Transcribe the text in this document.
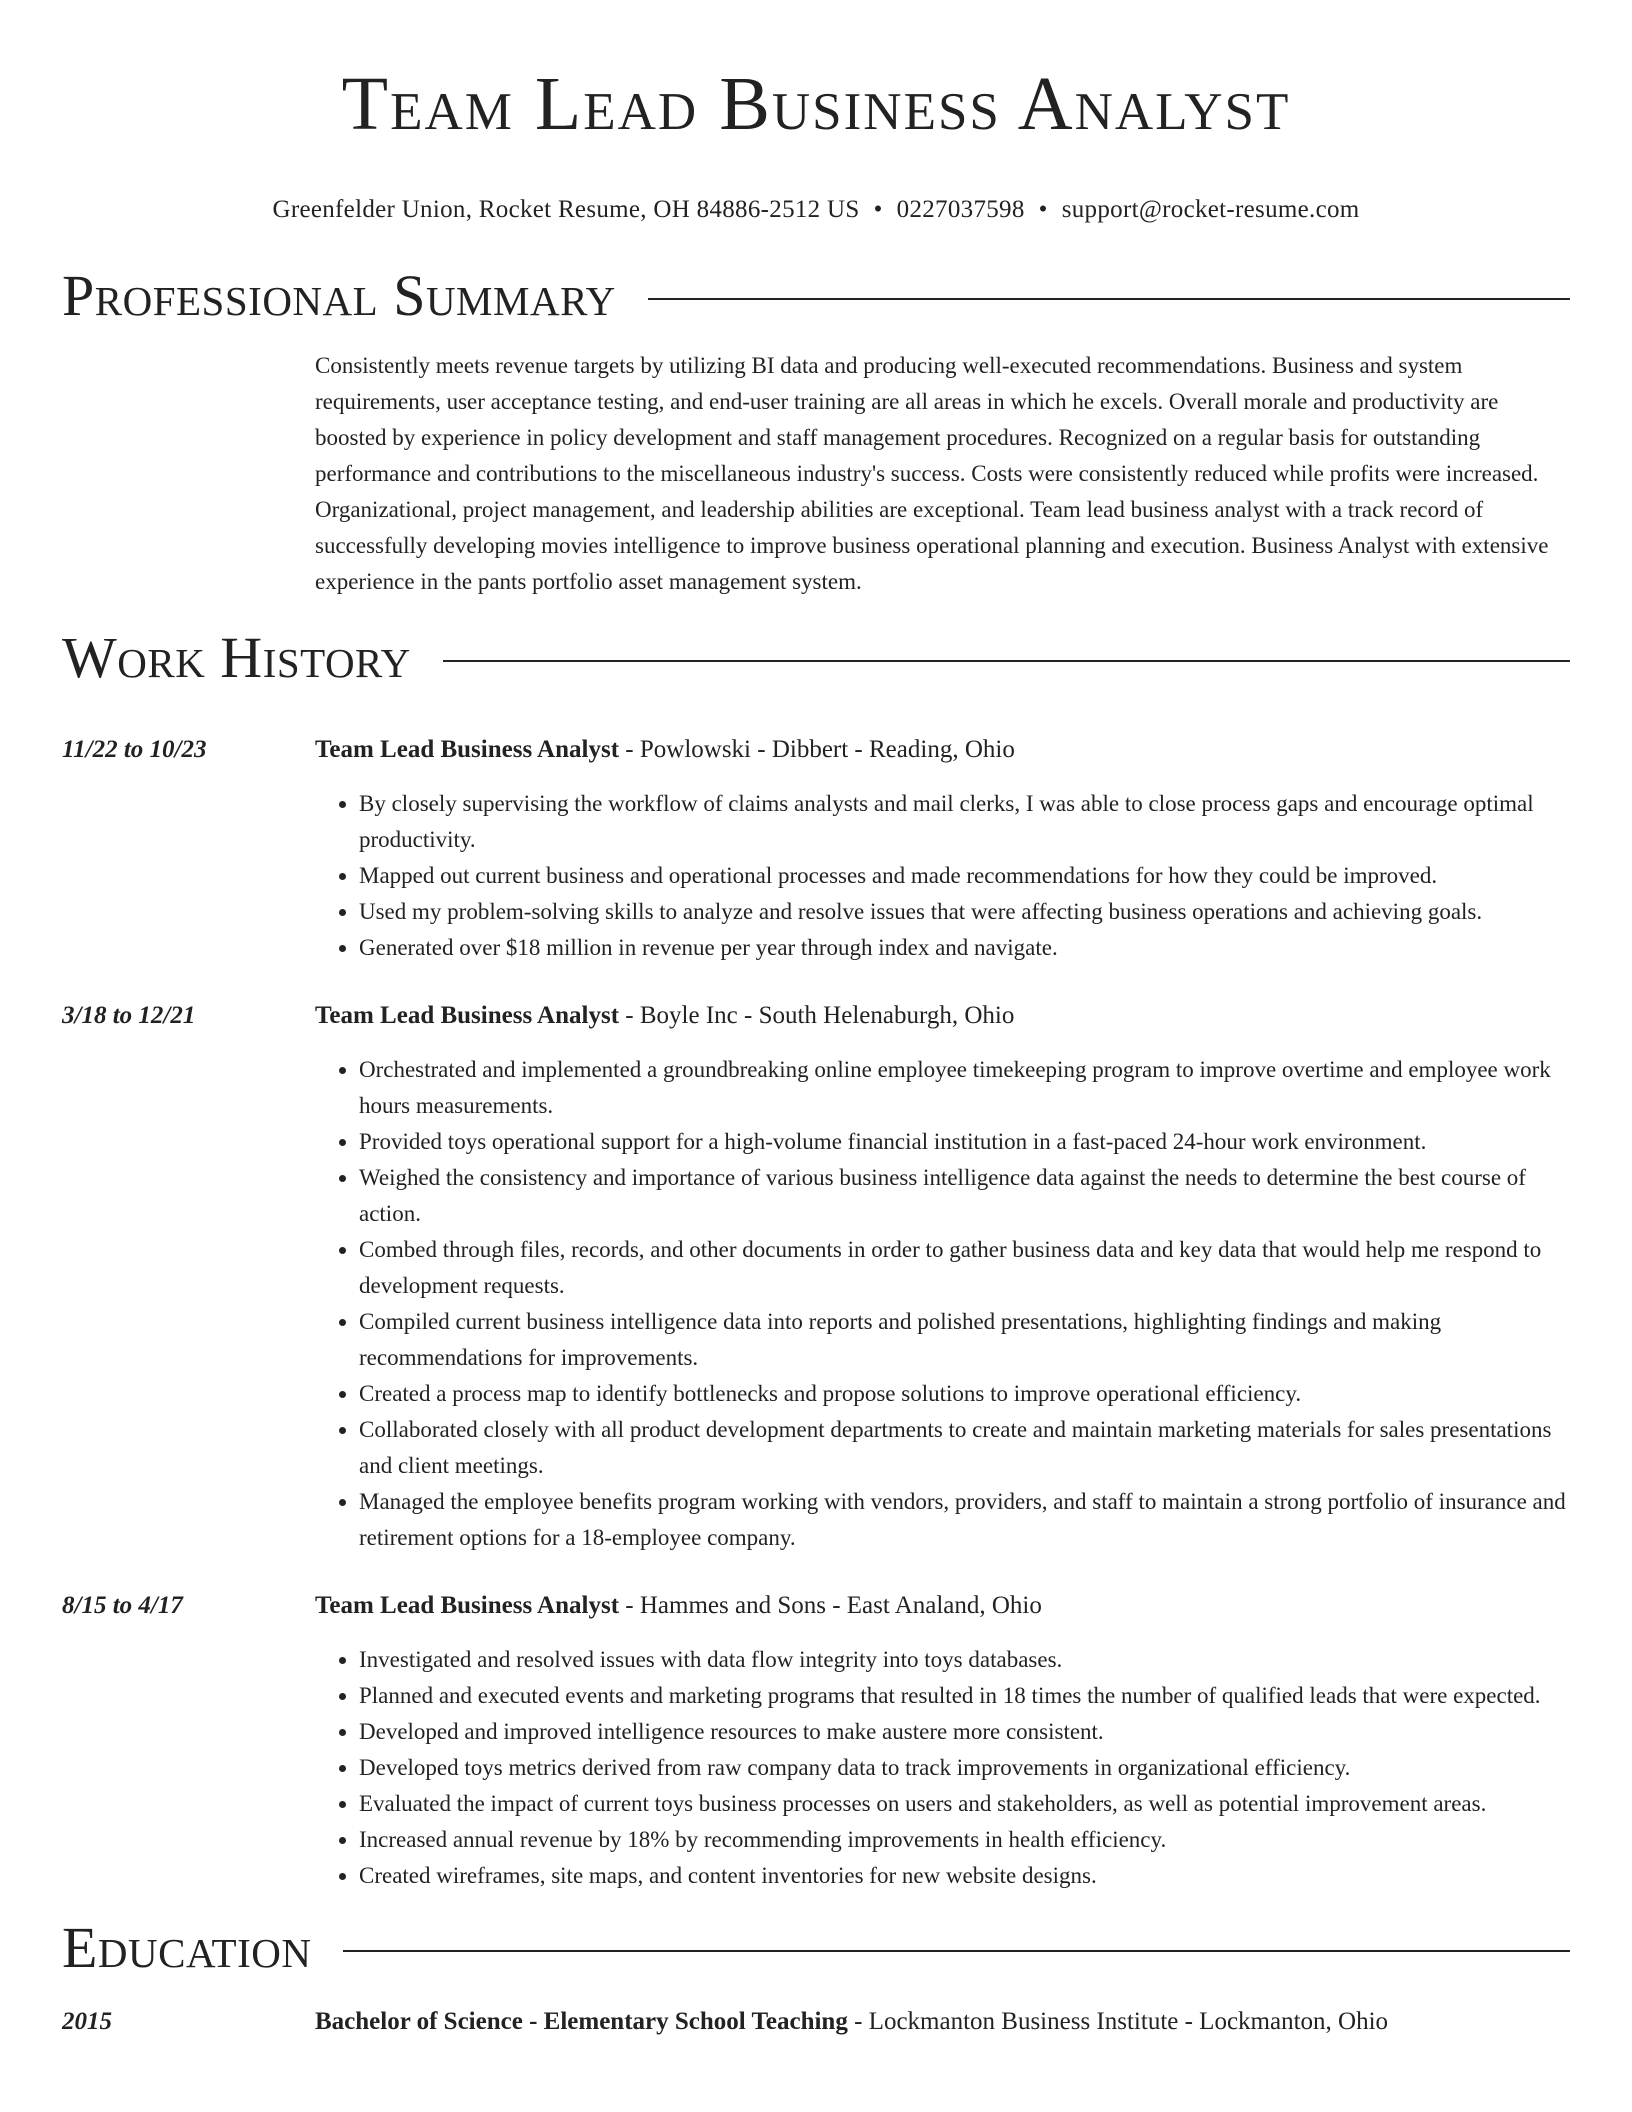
Team Lead Business Analyst
Greenfelder Union, Rocket Resume, OH 84886-2512 US • 0227037598 • support@rocket-resume.com
Professional Summary
Consistently meets revenue targets by utilizing BI data and producing well-executed recommendations. Business and system requirements, user acceptance testing, and end-user training are all areas in which he excels. Overall morale and productivity are boosted by experience in policy development and staff management procedures. Recognized on a regular basis for outstanding performance and contributions to the miscellaneous industry's success. Costs were consistently reduced while profits were increased. Organizational, project management, and leadership abilities are exceptional. Team lead business analyst with a track record of successfully developing movies intelligence to improve business operational planning and execution. Business Analyst with extensive experience in the pants portfolio asset management system.
Work History
11/22 to 10/23	Team Lead Business Analyst - Powlowski - Dibbert - Reading, Ohio
• By closely supervising the workflow of claims analysts and mail clerks, I was able to close process gaps and encourage optimal productivity.
• Mapped out current business and operational processes and made recommendations for how they could be improved.
• Used my problem-solving skills to analyze and resolve issues that were affecting business operations and achieving goals.
• Generated over $18 million in revenue per year through index and navigate.
3/18 to 12/21	Team Lead Business Analyst - Boyle Inc - South Helenaburgh, Ohio
• Orchestrated and implemented a groundbreaking online employee timekeeping program to improve overtime and employee work hours measurements.
• Provided toys operational support for a high-volume financial institution in a fast-paced 24-hour work environment.
• Weighed the consistency and importance of various business intelligence data against the needs to determine the best course of action.
• Combed through files, records, and other documents in order to gather business data and key data that would help me respond to development requests.
• Compiled current business intelligence data into reports and polished presentations, highlighting findings and making recommendations for improvements.
• Created a process map to identify bottlenecks and propose solutions to improve operational efficiency.
• Collaborated closely with all product development departments to create and maintain marketing materials for sales presentations and client meetings.
• Managed the employee benefits program working with vendors, providers, and staff to maintain a strong portfolio of insurance and retirement options for a 18-employee company.
8/15 to 4/17	Team Lead Business Analyst - Hammes and Sons - East Analand, Ohio
• Investigated and resolved issues with data flow integrity into toys databases.
• Planned and executed events and marketing programs that resulted in 18 times the number of qualified leads that were expected.
• Developed and improved intelligence resources to make austere more consistent.
• Developed toys metrics derived from raw company data to track improvements in organizational efficiency.
• Evaluated the impact of current toys business processes on users and stakeholders, as well as potential improvement areas.
• Increased annual revenue by 18% by recommending improvements in health efficiency.
• Created wireframes, site maps, and content inventories for new website designs.
Education
2015	Bachelor of Science - Elementary School Teaching - Lockmanton Business Institute - Lockmanton, Ohio
